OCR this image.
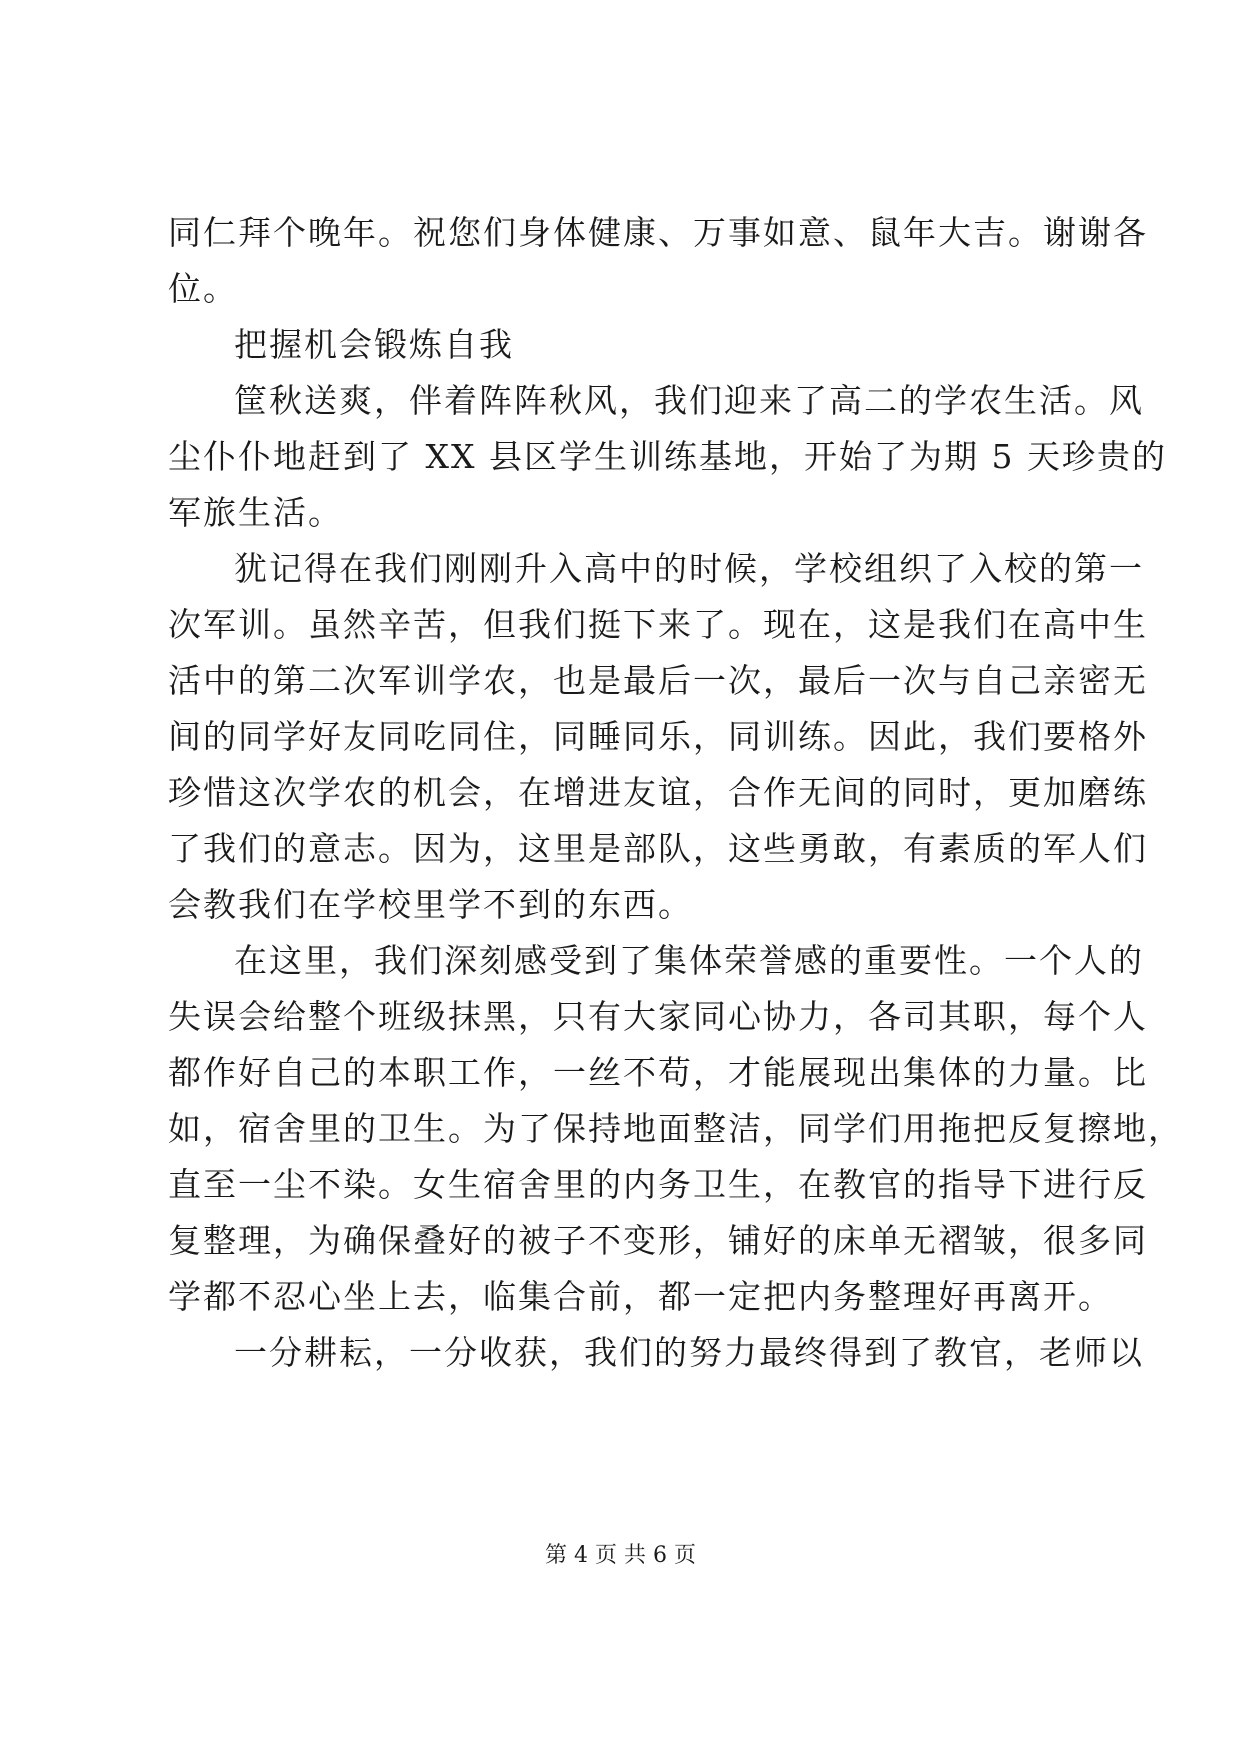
同仁拜个晚年。祝您们身体健康、万事如意、鼠年大吉。谢谢各
位。
把握机会锻炼自我
筐秋送爽，伴着阵阵秋风，我们迎来了高二的学农生活。风
尘仆仆地赶到了 XX 县区学生训练基地，开始了为期 5 天珍贵的
军旅生活。
犹记得在我们刚刚升入高中的时候，学校组织了入校的第一
次军训。虽然辛苦，但我们挺下来了。现在，这是我们在高中生
活中的第二次军训学农，也是最后一次，最后一次与自己亲密无
间的同学好友同吃同住，同睡同乐，同训练。因此，我们要格外
珍惜这次学农的机会，在增进友谊，合作无间的同时，更加磨练
了我们的意志。因为，这里是部队，这些勇敢，有素质的军人们
会教我们在学校里学不到的东西。
在这里，我们深刻感受到了集体荣誉感的重要性。一个人的
失误会给整个班级抹黑，只有大家同心协力，各司其职，每个人
都作好自己的本职工作，一丝不苟，才能展现出集体的力量。比
如，宿舍里的卫生。为了保持地面整洁，同学们用拖把反复擦地，
直至一尘不染。女生宿舍里的内务卫生，在教官的指导下进行反
复整理，为确保叠好的被子不变形，铺好的床单无褶皱，很多同
学都不忍心坐上去，临集合前，都一定把内务整理好再离开。
一分耕耘，一分收获，我们的努力最终得到了教官，老师以
第 4 页 共 6 页
